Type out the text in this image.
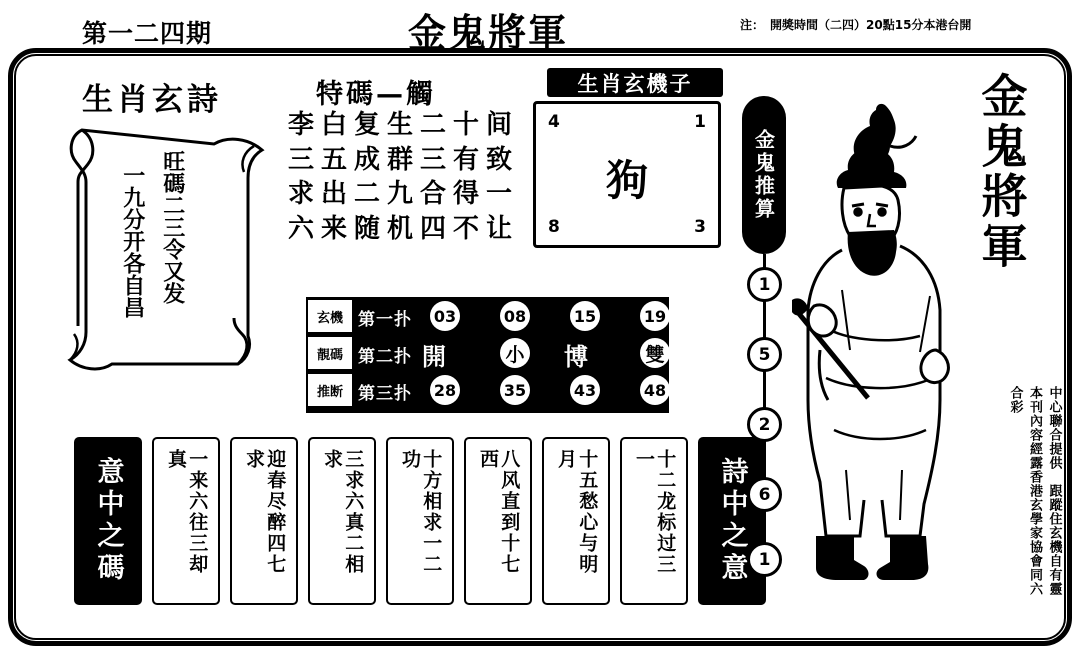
第一二四期	金鬼將軍	注： 開獎時間（二四）20點15分本港台開
生肖玄詩
旺碼二三令又发
一九分开各自昌
特碼—觸
李白复生二十间
三五成群三有致
求出二九合得一
六来随机四不让
生肖玄機子
4	1
8	3
狗
玄機 第一扑 03	08	15	19
靚碼 第二扑 開	小 博	雙
推断 第三扑 28	35	43	48
意中之碼	一来六往三却真	迎春尽醉四七求	三求六真二相求	十方相求一二功	八风直到十七西	十五愁心与明月	十二龙标过三一	詩中之意
金鬼推算
1
5
2
6
1
金鬼將軍
本刊內容經露香港玄學家協會同六合彩	中心聯合提供　跟蹤住玄機自有靈
